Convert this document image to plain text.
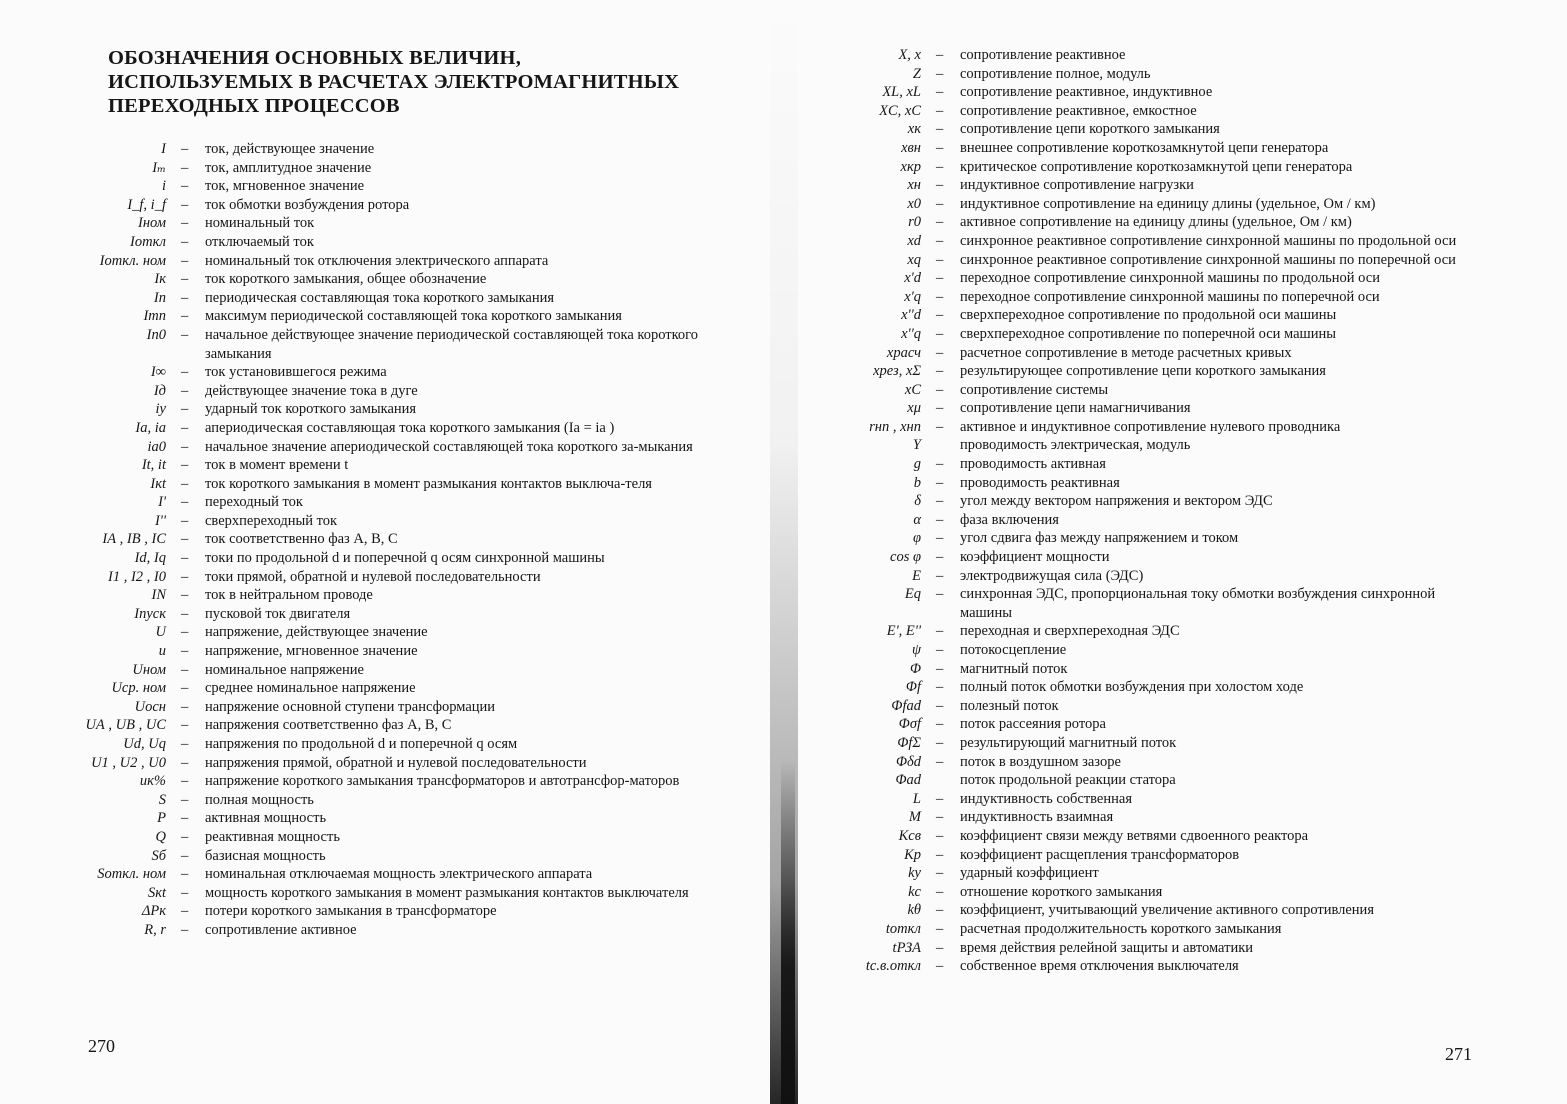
ОБОЗНАЧЕНИЯ ОСНОВНЫХ ВЕЛИЧИН,
ИСПОЛЬЗУЕМЫХ В РАСЧЕТАХ ЭЛЕКТРОМАГНИТНЫХ
ПЕРЕХОДНЫХ ПРОЦЕССОВ
I – ток, действующее значение
Iₘ – ток, амплитудное значение
i – ток, мгновенное значение
I_f, i_f – ток обмотки возбуждения ротора
Iном – номинальный ток
Iоткл – отключаемый ток
Iоткл. ном – номинальный ток отключения электрического аппарата
Iк – ток короткого замыкания, общее обозначение
Iп – периодическая составляющая тока короткого замыкания
Imп – максимум периодической составляющей тока короткого замыкания
Iп0 – начальное действующее значение периодической составляющей тока короткого замыкания
I∞ – ток установившегося режима
Iд – действующее значение тока в дуге
iу – ударный ток короткого замыкания
Iа, iа – апериодическая составляющая тока короткого замыкания (Iа = iа )
iа0 – начальное значение апериодической составляющей тока короткого за-мыкания
It, it – ток в момент времени t
Iкt – ток короткого замыкания в момент размыкания контактов выключа-теля
I' – переходный ток
I'' – сверхпереходный ток
IА , IВ , IС – ток соответственно фаз А, В, С
Id, Iq – токи по продольной d и поперечной q осям синхронной машины
I1 , I2 , I0 – токи прямой, обратной и нулевой последовательности
IN – ток в нейтральном проводе
Iпуск – пусковой ток двигателя
U – напряжение, действующее значение
u – напряжение, мгновенное значение
Uном – номинальное напряжение
Uср. ном – среднее номинальное напряжение
Uосн – напряжение основной ступени трансформации
UА , UВ , UС – напряжения соответственно фаз А, В, С
Ud, Uq – напряжения по продольной d и поперечной q осям
U1 , U2 , U0 – напряжения прямой, обратной и нулевой последовательности
uк% – напряжение короткого замыкания трансформаторов и автотрансфор-маторов
S – полная мощность
P – активная мощность
Q – реактивная мощность
Sб – базисная мощность
Sоткл. ном – номинальная отключаемая мощность электрического аппарата
Sкt – мощность короткого замыкания в момент размыкания контактов выключателя
ΔPк – потери короткого замыкания в трансформаторе
R, r – сопротивление активное
270
X, x – сопротивление реактивное
Z – сопротивление полное, модуль
XL, xL – сопротивление реактивное, индуктивное
XC, xC – сопротивление реактивное, емкостное
xк – сопротивление цепи короткого замыкания
xвн – внешнее сопротивление короткозамкнутой цепи генератора
xкр – критическое сопротивление короткозамкнутой цепи генератора
xн – индуктивное сопротивление нагрузки
x0 – индуктивное сопротивление на единицу длины (удельное, Ом / км)
r0 – активное сопротивление на единицу длины (удельное, Ом / км)
xd – синхронное реактивное сопротивление синхронной машины по продольной оси
xq – синхронное реактивное сопротивление синхронной машины по поперечной оси
x'd – переходное сопротивление синхронной машины по продольной оси
x'q – переходное сопротивление синхронной машины по поперечной оси
x''d – сверхпереходное сопротивление по продольной оси машины
x''q – сверхпереходное сопротивление по поперечной оси машины
xрасч – расчетное сопротивление в методе расчетных кривых
xрез, xΣ – результирующее сопротивление цепи короткого замыкания
xС – сопротивление системы
xμ – сопротивление цепи намагничивания
rнп , xнп – активное и индуктивное сопротивление нулевого проводника
Y	проводимость электрическая, модуль
g – проводимость активная
b – проводимость реактивная
δ – угол между вектором напряжения и вектором ЭДС
α – фаза включения
φ – угол сдвига фаз между напряжением и током
cos φ – коэффициент мощности
E – электродвижущая сила (ЭДС)
Eq – синхронная ЭДС, пропорциональная току обмотки возбуждения синхронной машины
E', E'' – переходная и сверхпереходная ЭДС
ψ – потокосцепление
Φ – магнитный поток
Φf – полный поток обмотки возбуждения при холостом ходе
Φfad – полезный поток
Φσf – поток рассеяния ротора
ΦfΣ – результирующий магнитный поток
Φδd – поток в воздушном зазоре
Φad	поток продольной реакции статора
L – индуктивность собственная
M – индуктивность взаимная
Kсв – коэффициент связи между ветвями сдвоенного реактора
Kр – коэффициент расщепления трансформаторов
kу – ударный коэффициент
kс – отношение короткого замыкания
kθ – коэффициент, учитывающий увеличение активного сопротивления
tоткл – расчетная продолжительность короткого замыкания
tРЗА – время действия релейной защиты и автоматики
tс.в.откл – собственное время отключения выключателя
271
